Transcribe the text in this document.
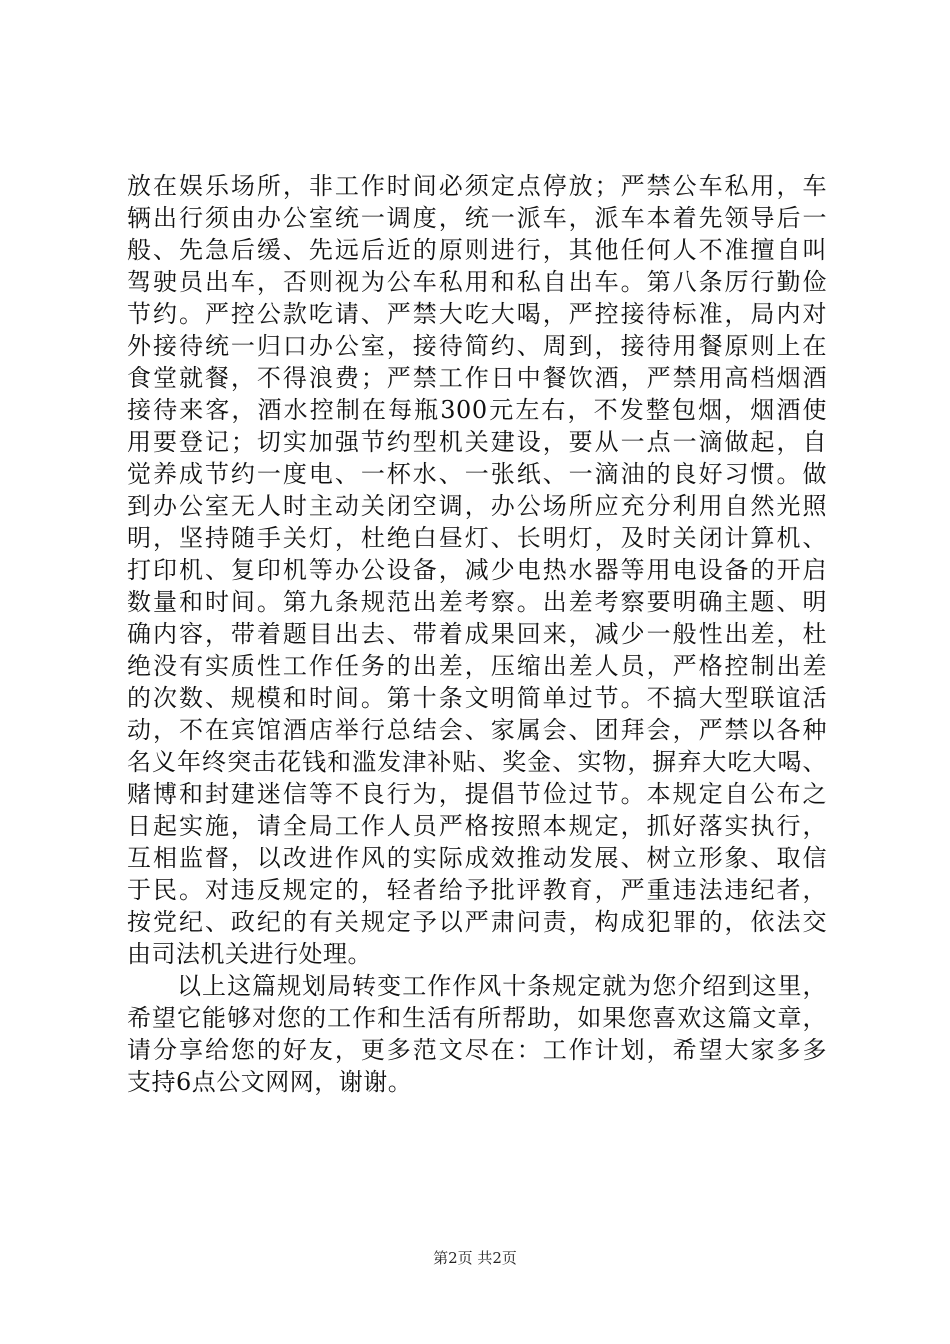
放在娱乐场所，非工作时间必须定点停放；严禁公车私用，车
辆出行须由办公室统一调度，统一派车，派车本着先领导后一
般、先急后缓、先远后近的原则进行，其他任何人不准擅自叫
驾驶员出车，否则视为公车私用和私自出车。第八条厉行勤俭
节约。严控公款吃请、严禁大吃大喝，严控接待标准，局内对
外接待统一归口办公室，接待简约、周到，接待用餐原则上在
食堂就餐，不得浪费；严禁工作日中餐饮酒，严禁用高档烟酒
接待来客，酒水控制在每瓶300元左右，不发整包烟，烟酒使
用要登记；切实加强节约型机关建设，要从一点一滴做起，自
觉养成节约一度电、一杯水、一张纸、一滴油的良好习惯。做
到办公室无人时主动关闭空调，办公场所应充分利用自然光照
明，坚持随手关灯，杜绝白昼灯、长明灯，及时关闭计算机、
打印机、复印机等办公设备，减少电热水器等用电设备的开启
数量和时间。第九条规范出差考察。出差考察要明确主题、明
确内容，带着题目出去、带着成果回来，减少一般性出差，杜
绝没有实质性工作任务的出差，压缩出差人员，严格控制出差
的次数、规模和时间。第十条文明简单过节。不搞大型联谊活
动，不在宾馆酒店举行总结会、家属会、团拜会，严禁以各种
名义年终突击花钱和滥发津补贴、奖金、实物，摒弃大吃大喝、
赌博和封建迷信等不良行为，提倡节俭过节。本规定自公布之
日起实施，请全局工作人员严格按照本规定，抓好落实执行，
互相监督，以改进作风的实际成效推动发展、树立形象、取信
于民。对违反规定的，轻者给予批评教育，严重违法违纪者，
按党纪、政纪的有关规定予以严肃问责，构成犯罪的，依法交
由司法机关进行处理。
　　以上这篇规划局转变工作作风十条规定就为您介绍到这里，
希望它能够对您的工作和生活有所帮助，如果您喜欢这篇文章，
请分享给您的好友，更多范文尽在：工作计划，希望大家多多
支持6点公文网网，谢谢。
第2页 共2页
